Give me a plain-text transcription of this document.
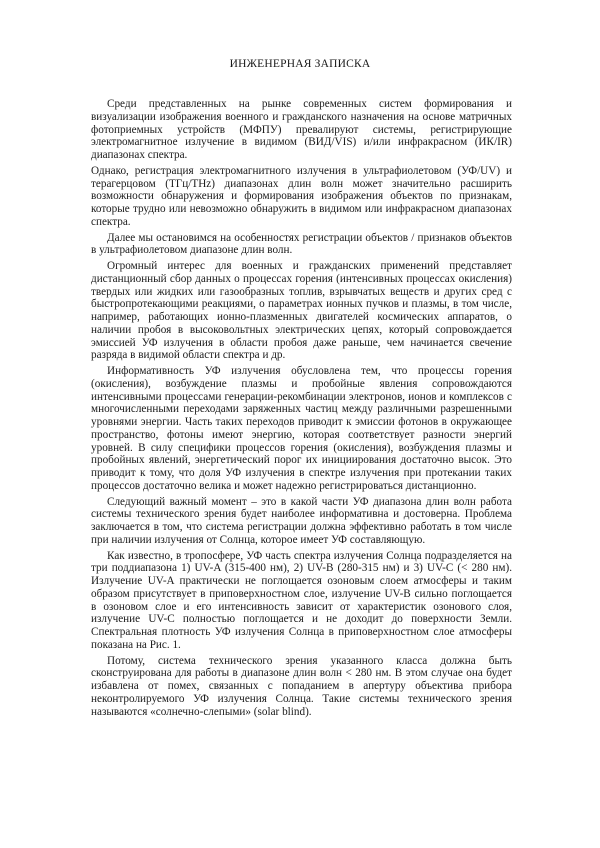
ИНЖЕНЕРНАЯ ЗАПИСКА

Среди представленных на рынке современных систем формирования и визуализации изображения военного и гражданского назначения на основе матричных фотоприемных устройств (МФПУ) превалируют системы, регистрирующие электромагнитное излучение в видимом (ВИД/VIS) и/или инфракрасном (ИК/IR) диапазонах спектра.

Однако, регистрация электромагнитного излучения в ультрафиолетовом (УФ/UV) и терагерцовом (ТГц/THz) диапазонах длин волн может значительно расширить возможности обнаружения и формирования изображения объектов по признакам, которые трудно или невозможно обнаружить в видимом или инфракрасном диапазонах спектра.

Далее мы остановимся на особенностях регистрации объектов / признаков объектов в ультрафиолетовом диапазоне длин волн.

Огромный интерес для военных и гражданских применений представляет дистанционный сбор данных о процессах горения (интенсивных процессах окисления) твердых или жидких или газообразных топлив, взрывчатых веществ и других сред с быстропротекающими реакциями, о параметрах ионных пучков и плазмы, в том числе, например, работающих ионно-плазменных двигателей космических аппаратов, о наличии пробоя в высоковольтных электрических цепях, который сопровождается эмиссией УФ излучения в области пробоя даже раньше, чем начинается свечение разряда в видимой области спектра и др.

Информативность УФ излучения обусловлена тем, что процессы горения (окисления), возбуждение плазмы и пробойные явления сопровождаются интенсивными процессами генерации-рекомбинации электронов, ионов и комплексов с многочисленными переходами заряженных частиц между различными разрешенными уровнями энергии. Часть таких переходов приводит к эмиссии фотонов в окружающее пространство, фотоны имеют энергию, которая соответствует разности энергий уровней. В силу специфики процессов горения (окисления), возбуждения плазмы и пробойных явлений, энергетический порог их инициирования достаточно высок. Это приводит к тому, что доля УФ излучения в спектре излучения при протекании таких процессов достаточно велика и может надежно регистрироваться дистанционно.

Следующий важный момент – это в какой части УФ диапазона длин волн работа системы технического зрения будет наиболее информативна и достоверна. Проблема заключается в том, что система регистрации должна эффективно работать в том числе при наличии излучения от Солнца, которое имеет УФ составляющую.

Как известно, в тропосфере, УФ часть спектра излучения Солнца подразделяется на три поддиапазона 1) UV-A (315-400 нм), 2) UV-B (280-315 нм) и 3) UV-C (< 280 нм). Излучение UV-A практически не поглощается озоновым слоем атмосферы и таким образом присутствует в приповерхностном слое, излучение UV-B сильно поглощается в озоновом слое и его интенсивность зависит от характеристик озонового слоя, излучение UV-C полностью поглощается и не доходит до поверхности Земли. Спектральная плотность УФ излучения Солнца в приповерхностном слое атмосферы показана на Рис. 1.

Потому, система технического зрения указанного класса должна быть сконструирована для работы в диапазоне длин волн < 280 нм. В этом случае она будет избавлена от помех, связанных с попаданием в апертуру объектива прибора неконтролируемого УФ излучения Солнца. Такие системы технического зрения называются «солнечно-слепыми» (solar blind).
